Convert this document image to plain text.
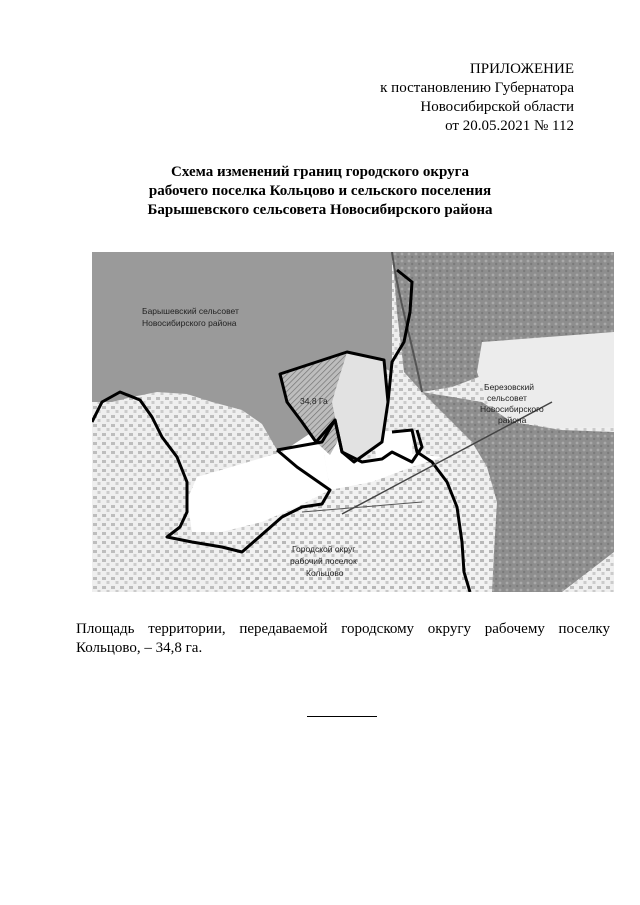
ПРИЛОЖЕНИЕ
к постановлению Губернатора
Новосибирской области
от 20.05.2021 № 112
Схема изменений границ городского округа
рабочего поселка Кольцово и сельского поселения
Барышевского сельсовета Новосибирского района
Барышевский сельсовет
Новосибирского района
34,8 Га
Березовский
сельсовет
Новосибирского
района
Городской округ
рабочий поселок
Кольцово
Площадь территории, передаваемой городскому округу рабочему поселку
Кольцово, – 34,8 га.
